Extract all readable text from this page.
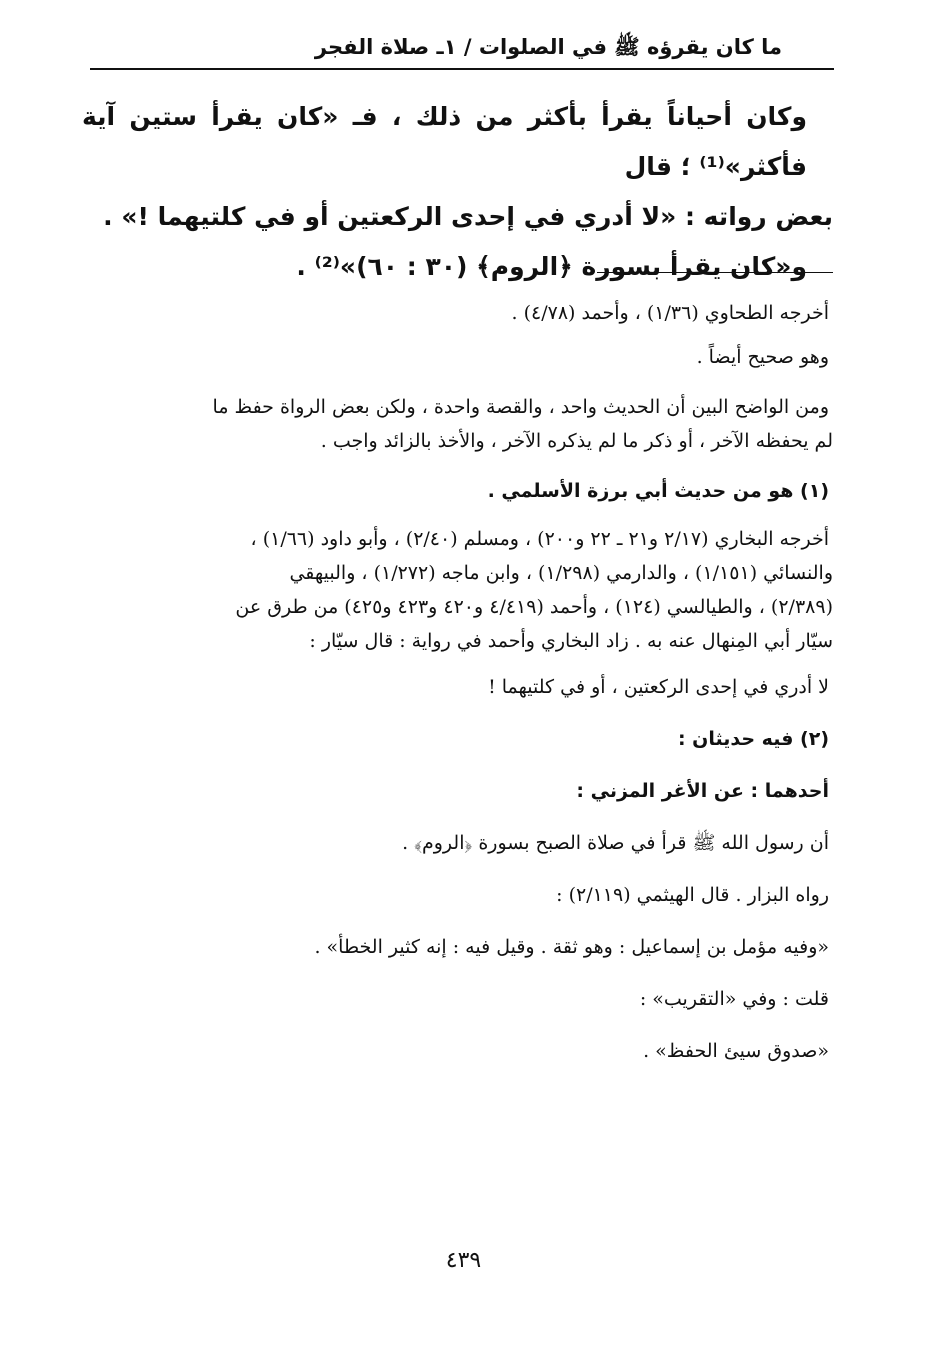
ما كان يقرؤه ﷺ في الصلوات / ١ـ صلاة الفجر

وكان أحياناً يقرأ بأكثر من ذلك ، فـ «كان يقرأ ستين آية فأكثر»⁽¹⁾ ؛ قال

بعض رواته : «لا أدري في إحدى الركعتين أو في كلتيهما !» .

و«كان يقرأ بسورة ﴿الروم﴾ (٣٠ : ٦٠)»⁽²⁾ .

أخرجه الطحاوي (١/٣٦) ، وأحمد (٤/٧٨) .

وهو صحيح أيضاً .

ومن الواضح البين أن الحديث واحد ، والقصة واحدة ، ولكن بعض الرواة حفظ ما

لم يحفظه الآخر ، أو ذكر ما لم يذكره الآخر ، والأخذ بالزائد واجب .

(١) هو من حديث أبي برزة الأسلمي .

أخرجه البخاري (٢/١٧ و٢١ ـ ٢٢ و٢٠٠) ، ومسلم (٢/٤٠) ، وأبو داود (١/٦٦) ،

والنسائي (١/١٥١) ، والدارمي (١/٢٩٨) ، وابن ماجه (١/٢٧٢) ، والبيهقي

(٢/٣٨٩) ، والطيالسي (١٢٤) ، وأحمد (٤/٤١٩ و٤٢٠ و٤٢٣ و٤٢٥) من طرق عن

سيّار أبي المِنهال عنه به . زاد البخاري وأحمد في رواية : قال سيّار :

لا أدري في إحدى الركعتين ، أو في كلتيهما !

(٢) فيه حديثان :

أحدهما : عن الأغر المزني :

أن رسول الله ﷺ قرأ في صلاة الصبح بسورة ﴿الروم﴾ .

رواه البزار . قال الهيثمي (٢/١١٩) :

«وفيه مؤمل بن إسماعيل : وهو ثقة . وقيل فيه : إنه كثير الخطأ» .

قلت : وفي «التقريب» :

«صدوق سيئ الحفظ» .

٤٣٩
